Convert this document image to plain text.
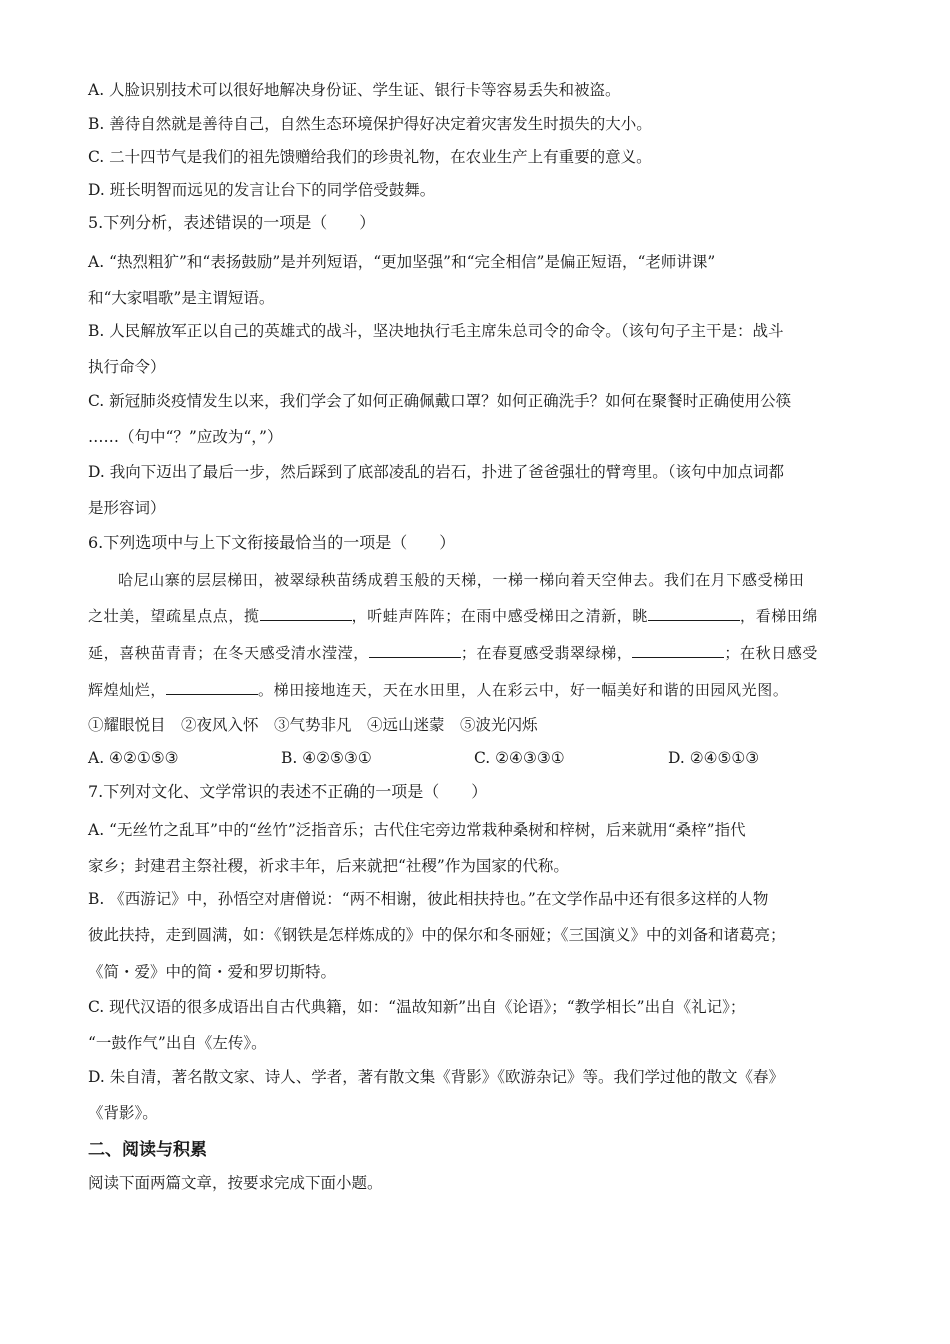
A. 人脸识别技术可以很好地解决身份证、学生证、银行卡等容易丢失和被盗。
B. 善待自然就是善待自己，自然生态环境保护得好决定着灾害发生时损失的大小。
C. 二十四节气是我们的祖先馈赠给我们的珍贵礼物，在农业生产上有重要的意义。
D. 班长明智而远见的发言让台下的同学倍受鼓舞。
5.下列分析，表述错误的一项是（　　）
A. “热烈粗犷”和“表扬鼓励”是并列短语，“更加坚强”和“完全相信”是偏正短语，“老师讲课”
和“大家唱歌”是主谓短语。
B. 人民解放军正以自己的英雄式的战斗，坚决地执行毛主席朱总司令的命令。（该句句子主干是：战斗
执行命令）
C. 新冠肺炎疫情发生以来，我们学会了如何正确佩戴口罩？如何正确洗手？如何在聚餐时正确使用公筷
……（句中“？”应改为“，”）
D. 我向下迈出了最后一步，然后踩到了底部凌乱的岩石，扑进了爸爸强壮的臂弯里。（该句中加点词都
是形容词）
6.下列选项中与上下文衔接最恰当的一项是（　　）
哈尼山寨的层层梯田，被翠绿秧苗绣成碧玉般的天梯，一梯一梯向着天空伸去。我们在月下感受梯田
之壮美，望疏星点点，揽	，听蛙声阵阵；在雨中感受梯田之清新，眺	，看梯田绵
延，喜秧苗青青；在冬天感受清水滢滢，	；在春夏感受翡翠绿梯，	；在秋日感受
辉煌灿烂，	。梯田接地连天，天在水田里，人在彩云中，好一幅美好和谐的田园风光图。
①耀眼悦目　②夜风入怀　③气势非凡　④远山迷蒙　⑤波光闪烁
A. ④②①⑤③	B. ④②⑤③①	C. ②④③③①	D. ②④⑤①③
7.下列对文化、文学常识的表述不正确的一项是（　　）
A. “无丝竹之乱耳”中的“丝竹”泛指音乐；古代住宅旁边常栽种桑树和梓树，后来就用“桑梓”指代
家乡；封建君主祭社稷，祈求丰年，后来就把“社稷”作为国家的代称。
B. 《西游记》中，孙悟空对唐僧说：“两不相谢，彼此相扶持也。”在文学作品中还有很多这样的人物
彼此扶持，走到圆满，如：《钢铁是怎样炼成的》中的保尔和冬丽娅；《三国演义》中的刘备和诸葛亮；
《简・爱》中的简・爱和罗切斯特。
C. 现代汉语的很多成语出自古代典籍，如：“温故知新”出自《论语》；“教学相长”出自《礼记》；
“一鼓作气”出自《左传》。
D. 朱自清，著名散文家、诗人、学者，著有散文集《背影》《欧游杂记》等。我们学过他的散文《春》
《背影》。
二、阅读与积累
阅读下面两篇文章，按要求完成下面小题。
